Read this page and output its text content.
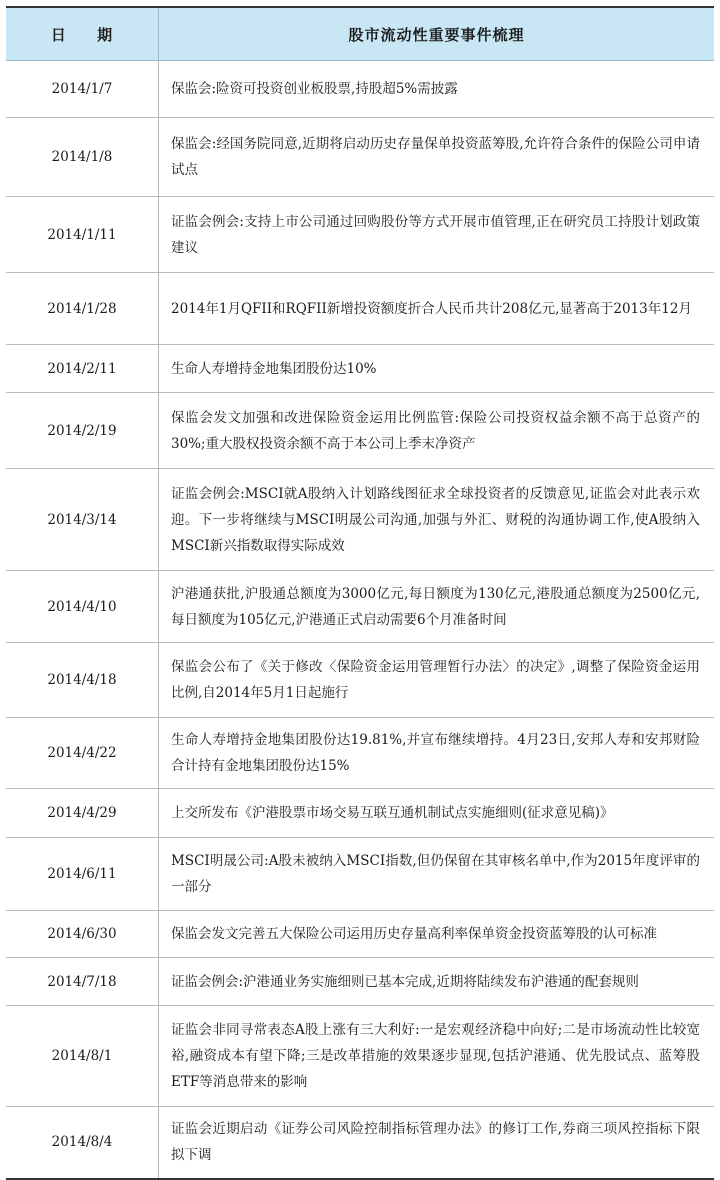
日 期	股市流动性重要事件梳理
2014/1/7	保监会:险资可投资创业板股票,持股超5%需披露
2014/1/8	保监会:经国务院同意,近期将启动历史存量保单投资蓝筹股,允许符合条件的保险公司申请试点
2014/1/11	证监会例会:支持上市公司通过回购股份等方式开展市值管理,正在研究员工持股计划政策建议
2014/1/28	2014年1月QFII和RQFII新增投资额度折合人民币共计208亿元,显著高于2013年12月
2014/2/11	生命人寿增持金地集团股份达10%
2014/2/19	保监会发文加强和改进保险资金运用比例监管:保险公司投资权益余额不高于总资产的30%;重大股权投资余额不高于本公司上季末净资产
2014/3/14	证监会例会:MSCI就A股纳入计划路线图征求全球投资者的反馈意见,证监会对此表示欢迎。下一步将继续与MSCI明晟公司沟通,加强与外汇、财税的沟通协调工作,使A股纳入MSCI新兴指数取得实际成效
2014/4/10	沪港通获批,沪股通总额度为3000亿元,每日额度为130亿元,港股通总额度为2500亿元,每日额度为105亿元,沪港通正式启动需要6个月准备时间
2014/4/18	保监会公布了《关于修改〈保险资金运用管理暂行办法〉的决定》,调整了保险资金运用比例,自2014年5月1日起施行
2014/4/22	生命人寿增持金地集团股份达19.81%,并宣布继续增持。4月23日,安邦人寿和安邦财险合计持有金地集团股份达15%
2014/4/29	上交所发布《沪港股票市场交易互联互通机制试点实施细则(征求意见稿)》
2014/6/11	MSCI明晟公司:A股未被纳入MSCI指数,但仍保留在其审核名单中,作为2015年度评审的一部分
2014/6/30	保监会发文完善五大保险公司运用历史存量高利率保单资金投资蓝筹股的认可标准
2014/7/18	证监会例会:沪港通业务实施细则已基本完成,近期将陆续发布沪港通的配套规则
2014/8/1	证监会非同寻常表态A股上涨有三大利好:一是宏观经济稳中向好;二是市场流动性比较宽裕,融资成本有望下降;三是改革措施的效果逐步显现,包括沪港通、优先股试点、蓝筹股ETF等消息带来的影响
2014/8/4	证监会近期启动《证券公司风险控制指标管理办法》的修订工作,券商三项风控指标下限拟下调
